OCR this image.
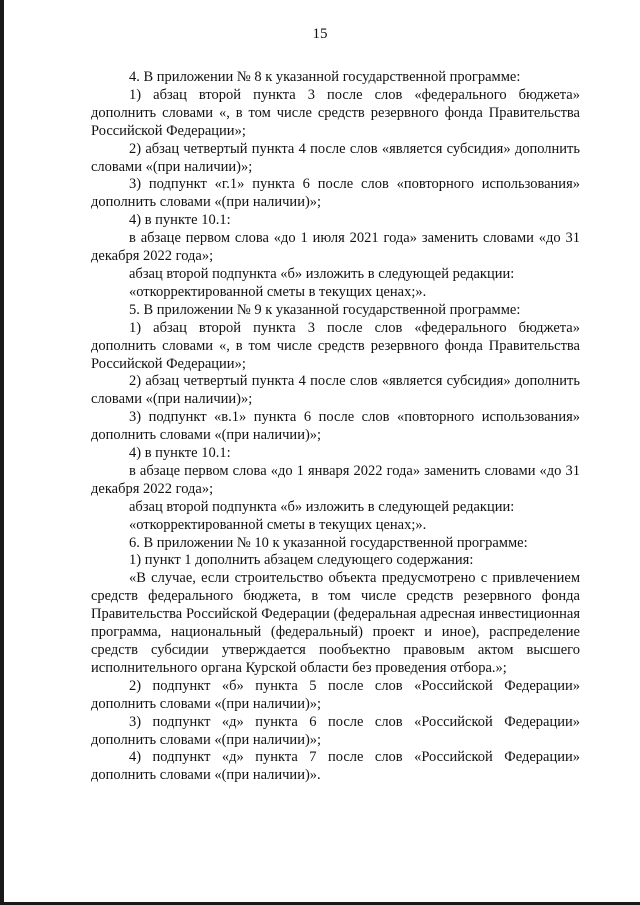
15

4. В приложении № 8 к указанной государственной программе:

1) абзац второй пункта 3 после слов «федерального бюджета» дополнить словами «, в том числе средств резервного фонда Правительства Российской Федерации»;

2) абзац четвертый пункта 4 после слов «является субсидия» дополнить словами «(при наличии)»;

3) подпункт «г.1» пункта 6 после слов «повторного использования» дополнить словами «(при наличии)»;

4) в пункте 10.1:

в абзаце первом слова «до 1 июля 2021 года» заменить словами «до 31 декабря 2022 года»;

абзац второй подпункта «б» изложить в следующей редакции:

«откорректированной сметы в текущих ценах;».

5. В приложении № 9 к указанной государственной программе:

1) абзац второй пункта 3 после слов «федерального бюджета» дополнить словами «, в том числе средств резервного фонда Правительства Российской Федерации»;

2) абзац четвертый пункта 4 после слов «является субсидия» дополнить словами «(при наличии)»;

3) подпункт «в.1» пункта 6 после слов «повторного использования» дополнить словами «(при наличии)»;

4) в пункте 10.1:

в абзаце первом слова «до 1 января 2022 года» заменить словами «до 31 декабря 2022 года»;

абзац второй подпункта «б» изложить в следующей редакции:

«откорректированной сметы в текущих ценах;».

6. В приложении № 10 к указанной государственной программе:

1) пункт 1 дополнить абзацем следующего содержания:

«В случае, если строительство объекта предусмотрено с привлечением средств федерального бюджета, в том числе средств резервного фонда Правительства Российской Федерации (федеральная адресная инвестиционная программа, национальный (федеральный) проект и иное), распределение средств субсидии утверждается пообъектно правовым актом высшего исполнительного органа Курской области без проведения отбора.»;

2) подпункт «б» пункта 5 после слов «Российской Федерации» дополнить словами «(при наличии)»;

3) подпункт «д» пункта 6 после слов «Российской Федерации» дополнить словами «(при наличии)»;

4) подпункт «д» пункта 7 после слов «Российской Федерации» дополнить словами «(при наличии)».
